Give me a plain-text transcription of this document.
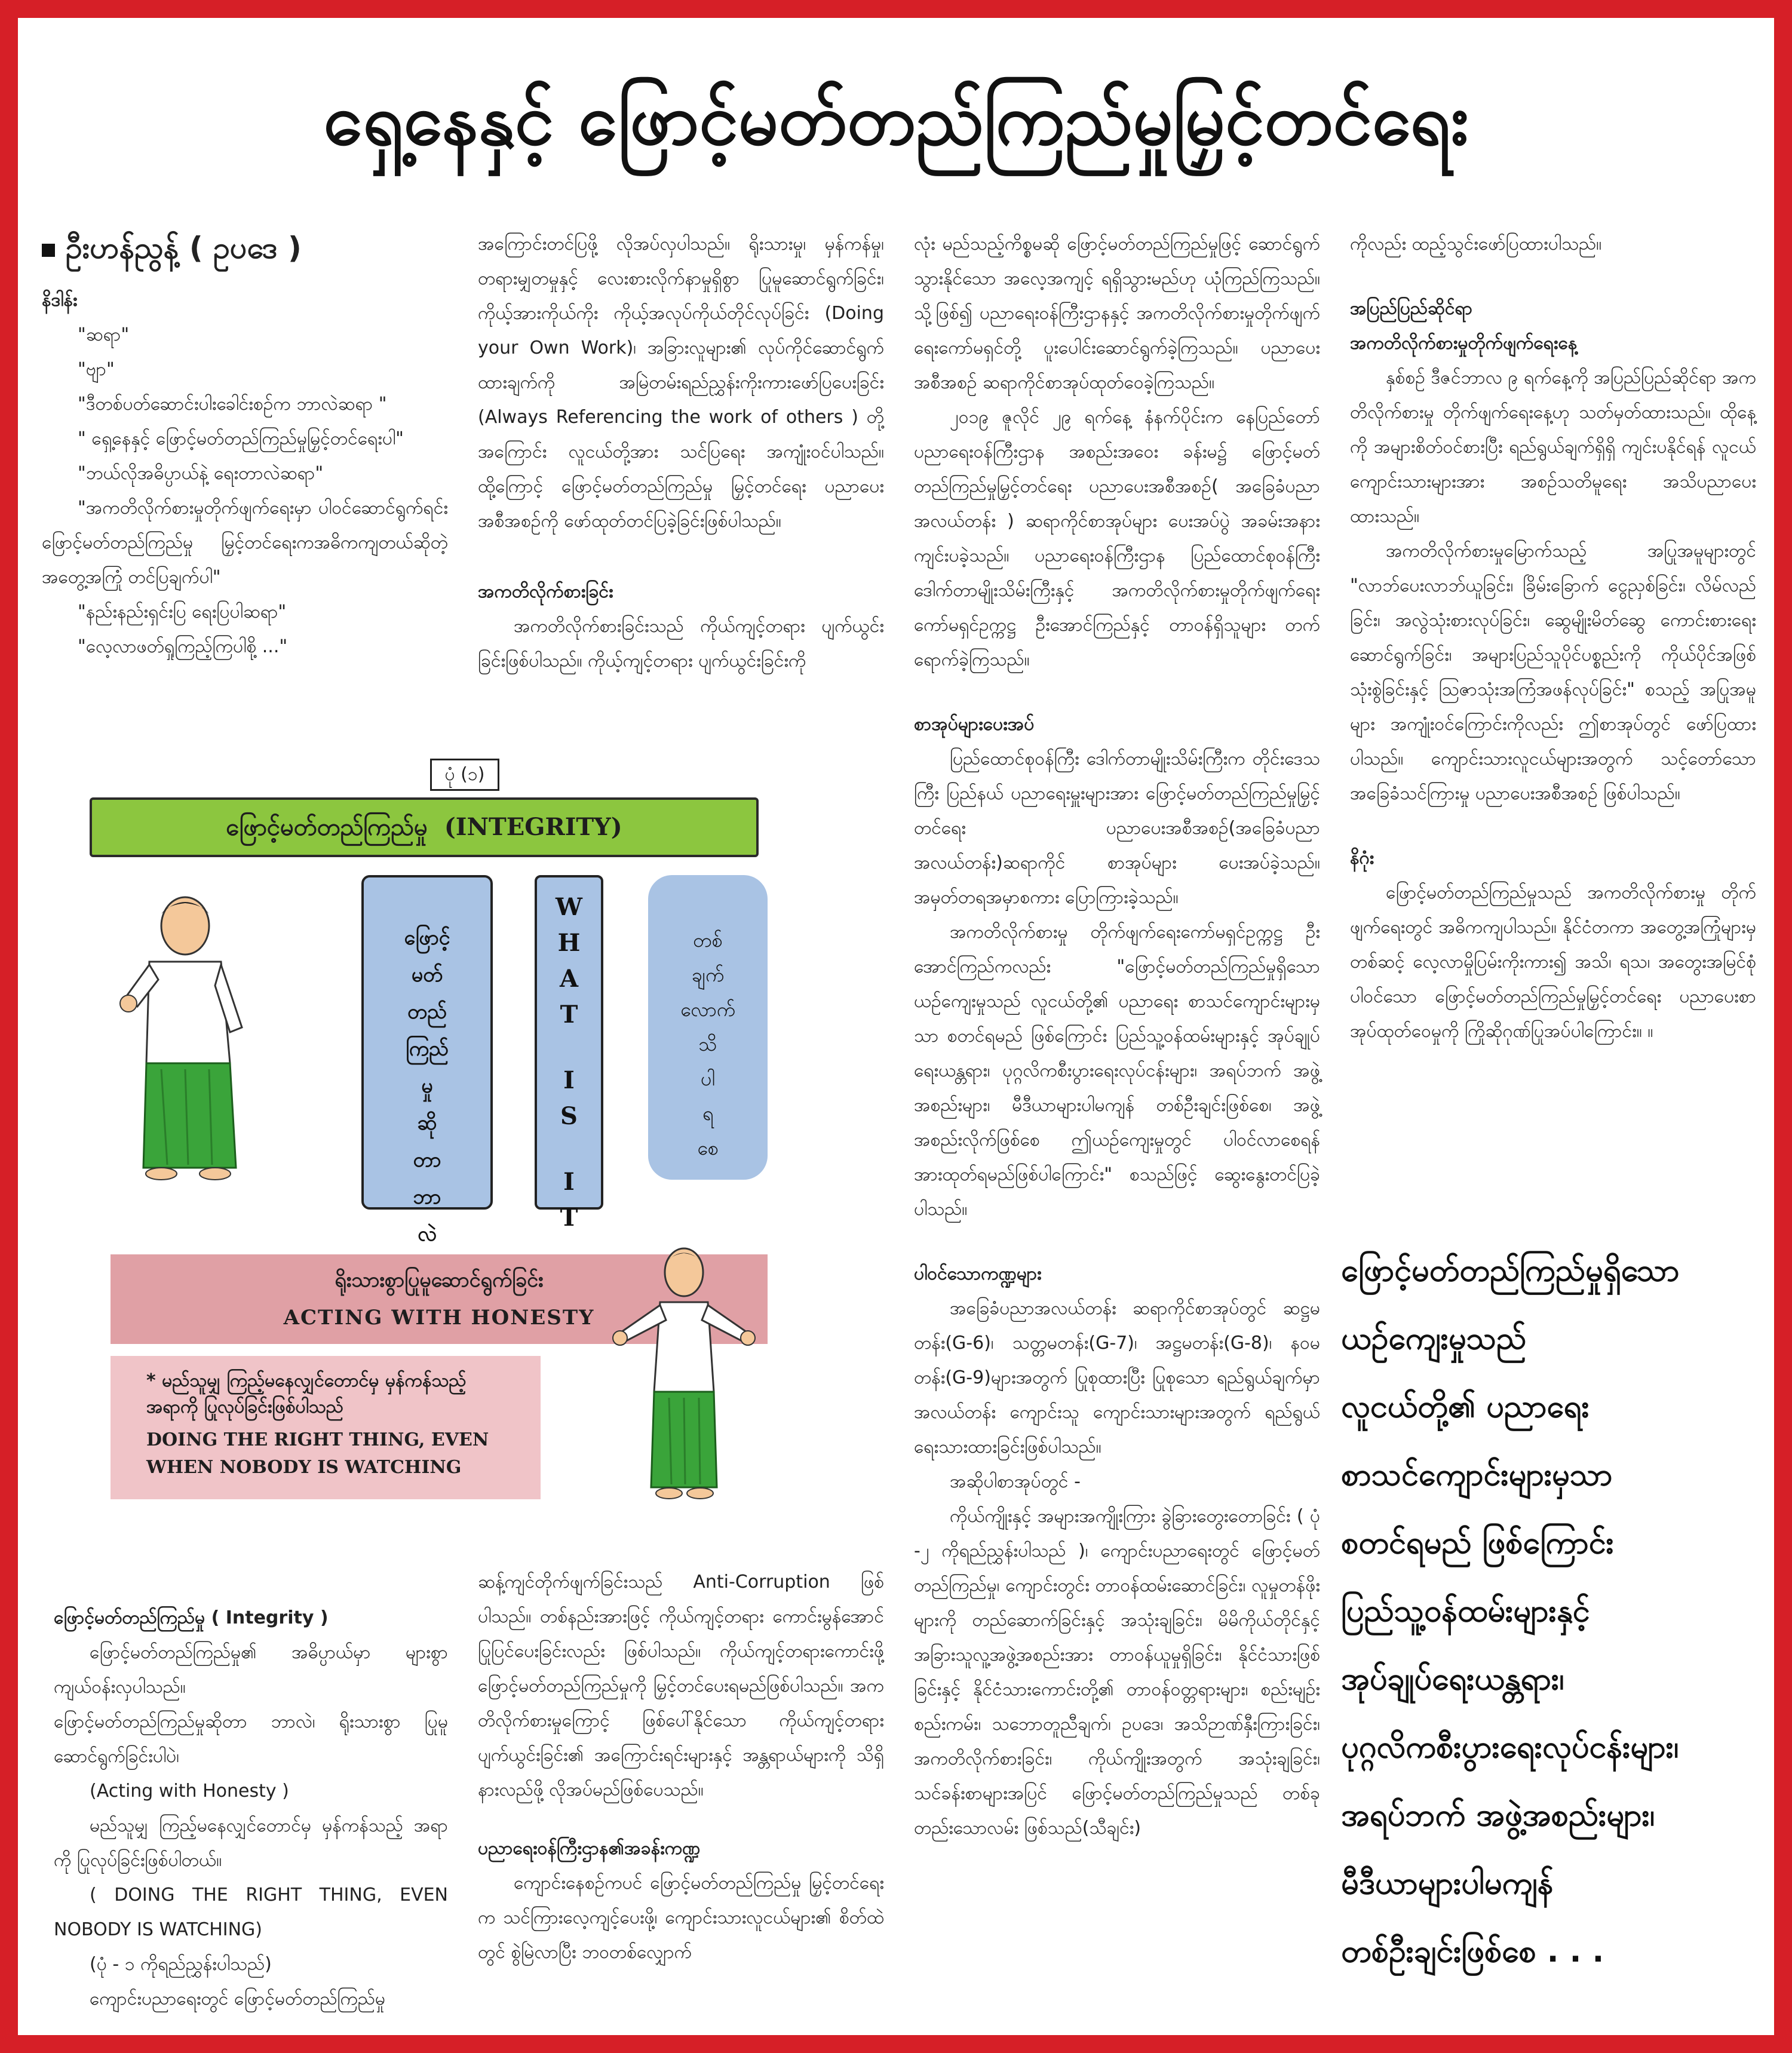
ရှေ့နေနှင့် ဖြောင့်မတ်တည်ကြည်မှုမြှင့်တင်ရေး
ဦးဟန်ညွန့် ( ဥပဒေ )

နိဒါန်း

"ဆရာ"

"ဗျာ"

"ဒီတစ်ပတ်ဆောင်းပါးခေါင်းစဉ်က ဘာလဲဆရာ "

" ရှေ့နေနှင့် ဖြောင့်မတ်တည်ကြည်မှုမြှင့်တင်ရေးပါ"

"ဘယ်လိုအဓိပ္ပာယ်နဲ့ ရေးတာလဲဆရာ"

"အကတိလိုက်စားမှုတိုက်ဖျက်ရေးမှာ ပါဝင်ဆောင်ရွက်ရင်း ဖြောင့်မတ်တည်ကြည်မှု မြှင့်တင်ရေးကအဓိကကျတယ်ဆိုတဲ့ အတွေ့အကြုံ တင်ပြချက်ပါ"

"နည်းနည်းရှင်းပြ ရေးပြပါဆရာ"

"လေ့လာဖတ်ရှုကြည့်ကြပါစို့ ..."

အကြောင်းတင်ပြဖို့ လိုအပ်လှပါသည်။ ရိုးသားမှု၊ မှန်ကန်မှု၊ တရားမျှတမှုနှင့် လေးစားလိုက်နာမှုရှိစွာ ပြုမူဆောင်ရွက်ခြင်း၊ ကိုယ့်အားကိုယ်ကိုး ကိုယ့်အလုပ်ကိုယ်တိုင်လုပ်ခြင်း (Doing your Own Work)၊ အခြားလူများ၏ လုပ်ကိုင်ဆောင်ရွက်ထားချက်ကို အမြဲတမ်းရည်ညွှန်းကိုးကားဖော်ပြပေးခြင်း (Always Referencing the work of others ) တို့အကြောင်း လူငယ်တို့အား သင်ပြရေး အကျုံးဝင်ပါသည်။ ထို့ကြောင့် ဖြောင့်မတ်တည်ကြည်မှု မြှင့်တင်ရေး ပညာပေးအစီအစဉ်ကို ဖော်ထုတ်တင်ပြခဲ့ခြင်းဖြစ်ပါသည်။

အကတိလိုက်စားခြင်း

အကတိလိုက်စားခြင်းသည် ကိုယ်ကျင့်တရား ပျက်ယွင်းခြင်းဖြစ်ပါသည်။ ကိုယ့်ကျင့်တရား ပျက်ယွင်းခြင်းကို

လုံး မည်သည့်ကိစ္စမဆို ဖြောင့်မတ်တည်ကြည်မှုဖြင့် ဆောင်ရွက်သွားနိုင်သော အလေ့အကျင့် ရရှိသွားမည်ဟု ယုံကြည်ကြသည်။ သို့ဖြစ်၍ ပညာရေးဝန်ကြီးဌာနနှင့် အကတိလိုက်စားမှုတိုက်ဖျက်ရေးကော်မရှင်တို့ ပူးပေါင်းဆောင်ရွက်ခဲ့ကြသည်။ ပညာပေး အစီအစဉ် ဆရာကိုင်စာအုပ်ထုတ်ဝေခဲ့ကြသည်။

၂၀၁၉ ဇူလိုင် ၂၉ ရက်နေ့ နံနက်ပိုင်းက နေပြည်တော် ပညာရေးဝန်ကြီးဌာန အစည်းအဝေး ခန်းမ၌ ဖြောင့်မတ်တည်ကြည်မှုမြှင့်တင်ရေး ပညာပေးအစီအစဉ်( အခြေခံပညာအလယ်တန်း ) ဆရာကိုင်စာအုပ်များ ပေးအပ်ပွဲ အခမ်းအနား ကျင်းပခဲ့သည်။ ပညာရေးဝန်ကြီးဌာန ပြည်ထောင်စုဝန်ကြီး ဒေါက်တာမျိုးသိမ်းကြီးနှင့် အကတိလိုက်စားမှုတိုက်ဖျက်ရေးကော်မရှင်ဥက္ကဋ္ဌ ဦးအောင်ကြည်နှင့် တာဝန်ရှိသူများ တက်ရောက်ခဲ့ကြသည်။

စာအုပ်များပေးအပ်

ပြည်ထောင်စုဝန်ကြီး ဒေါက်တာမျိုးသိမ်းကြီးက တိုင်းဒေသကြီး ပြည်နယ် ပညာရေးမှူးများအား ဖြောင့်မတ်တည်ကြည်မှုမြှင့်တင်ရေး ပညာပေးအစီအစဉ်(အခြေခံပညာအလယ်တန်း)ဆရာကိုင် စာအုပ်များ ပေးအပ်ခဲ့သည်။ အမှတ်တရအမှာစကား ပြောကြားခဲ့သည်။

အကတိလိုက်စားမှု တိုက်ဖျက်ရေးကော်မရှင်ဥက္ကဋ္ဌ ဦးအောင်ကြည်ကလည်း "ဖြောင့်မတ်တည်ကြည်မှုရှိသော ယဉ်ကျေးမှုသည် လူငယ်တို့၏ ပညာရေး စာသင်ကျောင်းများမှသာ စတင်ရမည် ဖြစ်ကြောင်း ပြည်သူ့ဝန်ထမ်းများနှင့် အုပ်ချုပ်ရေးယန္တရား၊ ပုဂ္ဂလိကစီးပွားရေးလုပ်ငန်းများ၊ အရပ်ဘက် အဖွဲ့အစည်းများ၊ မီဒီယာများပါမကျန် တစ်ဦးချင်းဖြစ်စေ၊ အဖွဲ့အစည်းလိုက်ဖြစ်စေ ဤယဉ်ကျေးမှုတွင် ပါဝင်လာစေရန် အားထုတ်ရမည်ဖြစ်ပါကြောင်း" စသည်ဖြင့် ဆွေးနွေးတင်ပြခဲ့ပါသည်။

ပါဝင်သောကဏ္ဍများ

အခြေခံပညာအလယ်တန်း ဆရာကိုင်စာအုပ်တွင် ဆဋ္ဌမတန်း(G-6)၊ သတ္တမတန်း(G-7)၊ အဋ္ဌမတန်း(G-8)၊ နဝမတန်း(G-9)များအတွက် ပြုစုထားပြီး ပြုစုသော ရည်ရွယ်ချက်မှာ အလယ်တန်း ကျောင်းသူ ကျောင်းသားများအတွက် ရည်ရွယ်ရေးသားထားခြင်းဖြစ်ပါသည်။

အဆိုပါစာအုပ်တွင် -

ကိုယ်ကျိုးနှင့် အများအကျိုးကြား ခွဲခြားတွေးတောခြင်း ( ပုံ -၂ ကိုရည်ညွှန်းပါသည် )၊ ကျောင်းပညာရေးတွင် ဖြောင့်မတ်တည်ကြည်မှု၊ ကျောင်းတွင်း တာဝန်ထမ်းဆောင်ခြင်း၊ လူမှုတန်ဖိုးများကို တည်ဆောက်ခြင်းနှင့် အသုံးချခြင်း၊ မိမိကိုယ်တိုင်နှင့် အခြားသူလူ့အဖွဲ့အစည်းအား တာဝန်ယူမှုရှိခြင်း၊ နိုင်ငံသားဖြစ်ခြင်းနှင့် နိုင်ငံသားကောင်းတို့၏ တာဝန်ဝတ္တရားများ၊ စည်းမျဉ်းစည်းကမ်း၊ သဘောတူညီချက်၊ ဥပဒေ၊ အသိဉာဏ်နှီးကြားခြင်း၊ အကတိလိုက်စားခြင်း၊ ကိုယ်ကျိုးအတွက် အသုံးချခြင်း၊ သင်ခန်းစာများအပြင် ဖြောင့်မတ်တည်ကြည်မှုသည် တစ်ခုတည်းသောလမ်း ဖြစ်သည်(သီချင်း)

ကိုလည်း ထည့်သွင်းဖော်ပြထားပါသည်။

အပြည်ပြည်ဆိုင်ရာ

အကတိလိုက်စားမှုတိုက်ဖျက်ရေးနေ့

နှစ်စဉ် ဒီဇင်ဘာလ ၉ ရက်နေ့ကို အပြည်ပြည်ဆိုင်ရာ အကတိလိုက်စားမှု တိုက်ဖျက်ရေးနေ့ဟု သတ်မှတ်ထားသည်။ ထိုနေ့ကို အများစိတ်ဝင်စားပြီး ရည်ရွယ်ချက်ရှိရှိ ကျင်းပနိုင်ရန် လူငယ်ကျောင်းသားများအား အစဉ်သတိမူရေး အသိပညာပေးထားသည်။

အကတိလိုက်စားမှုမြောက်သည့် အပြုအမူများတွင် "လာဘ်ပေးလာဘ်ယူခြင်း၊ ခြိမ်းခြောက် ငွေညှစ်ခြင်း၊ လိမ်လည်ခြင်း၊ အလွဲသုံးစားလုပ်ခြင်း၊ ဆွေမျိုးမိတ်ဆွေ ကောင်းစားရေး ဆောင်ရွက်ခြင်း၊ အများပြည်သူပိုင်ပစ္စည်းကို ကိုယ်ပိုင်အဖြစ် သုံးစွဲခြင်းနှင့် ဩဇာသုံးအကြံအဖန်လုပ်ခြင်း" စသည့် အပြုအမူများ အကျုံးဝင်ကြောင်းကိုလည်း ဤစာအုပ်တွင် ဖော်ပြထားပါသည်။ ကျောင်းသားလူငယ်များအတွက် သင့်တော်သော အခြေခံသင်ကြားမှု ပညာပေးအစီအစဉ် ဖြစ်ပါသည်။

နိဂုံး

ဖြောင့်မတ်တည်ကြည်မှုသည် အကတိလိုက်စားမှု တိုက်ဖျက်ရေးတွင် အဓိကကျပါသည်။ နိုင်ငံတကာ အတွေ့အကြုံများမှတစ်ဆင့် လေ့လာမှိုပြမ်းကိုးကား၍ အသိ၊ ရသ၊ အတွေးအမြင်စုံပါဝင်သော ဖြောင့်မတ်တည်ကြည်မှုမြှင့်တင်ရေး ပညာပေးစာအုပ်ထုတ်ဝေမှုကို ကြိုဆိုဂုဏ်ပြုအပ်ပါကြောင်း။ ။

ပုံ (၁)
ဖြောင့်မတ်တည်ကြည်မှု (INTEGRITY)
ဖြောင့်
မတ်
တည်
ကြည်
မှု
ဆို
တာ
ဘာ
လဲ
W
H
A
T
I
S
I
T
တစ်
ချက်
လောက်
သိ
ပါ
ရ
စေ
ရိုးသားစွာပြုမူဆောင်ရွက်ခြင်း
ACTING WITH HONESTY
* မည်သူမျှ ကြည့်မနေလျှင်တောင်မှ မှန်ကန်သည့် အရာကို ပြုလုပ်ခြင်းဖြစ်ပါသည်
DOING THE RIGHT THING, EVEN WHEN NOBODY IS WATCHING

ဖြောင့်မတ်တည်ကြည်မှု ( Integrity )

ဖြောင့်မတ်တည်ကြည်မှု၏ အဓိပ္ပာယ်မှာ များစွာကျယ်ဝန်းလှပါသည်။

ဖြောင့်မတ်တည်ကြည်မှုဆိုတာ ဘာလဲ၊ ရိုးသားစွာ ပြုမူဆောင်ရွက်ခြင်းပါပဲ၊

(Acting with Honesty )

မည်သူမျှ ကြည့်မနေလျှင်တောင်မှ မှန်ကန်သည့် အရာကို ပြုလုပ်ခြင်းဖြစ်ပါတယ်။

( DOING THE RIGHT THING, EVEN NOBODY IS WATCHING)

(ပုံ - ၁ ကိုရည်ညွှန်းပါသည်)

ကျောင်းပညာရေးတွင် ဖြောင့်မတ်တည်ကြည်မှု

ဆန့်ကျင်တိုက်ဖျက်ခြင်းသည် Anti-Corruption ဖြစ်ပါသည်။ တစ်နည်းအားဖြင့် ကိုယ်ကျင့်တရား ကောင်းမွန်အောင်ပြုပြင်ပေးခြင်းလည်း ဖြစ်ပါသည်။ ကိုယ်ကျင့်တရားကောင်းဖို့ ဖြောင့်မတ်တည်ကြည်မှုကို မြှင့်တင်ပေးရမည်ဖြစ်ပါသည်။ အကတိလိုက်စားမှုကြောင့် ဖြစ်ပေါ်နိုင်သော ကိုယ်ကျင့်တရားပျက်ယွင်းခြင်း၏ အကြောင်းရင်းများနှင့် အန္တရာယ်များကို သိရှိနားလည်ဖို့ လိုအပ်မည်ဖြစ်ပေသည်။

ပညာရေးဝန်ကြီးဌာန၏အခန်းကဏ္ဍ

ကျောင်းနေစဉ်ကပင် ဖြောင့်မတ်တည်ကြည်မှု မြှင့်တင်ရေးက သင်ကြားလေ့ကျင့်ပေးဖို့၊ ကျောင်းသားလူငယ်များ၏ စိတ်ထဲတွင် စွဲမြဲလာပြီး ဘဝတစ်လျှောက်

ဖြောင့်မတ်တည်ကြည်မှုရှိသော
ယဉ်ကျေးမှုသည်
လူငယ်တို့၏ ပညာရေး
စာသင်ကျောင်းများမှသာ
စတင်ရမည် ဖြစ်ကြောင်း
ပြည်သူ့ဝန်ထမ်းများနှင့်
အုပ်ချုပ်ရေးယန္တရား၊
ပုဂ္ဂလိကစီးပွားရေးလုပ်ငန်းများ၊
အရပ်ဘက် အဖွဲ့အစည်းများ၊
မီဒီယာများပါမကျန်
တစ်ဦးချင်းဖြစ်စေ . . .
